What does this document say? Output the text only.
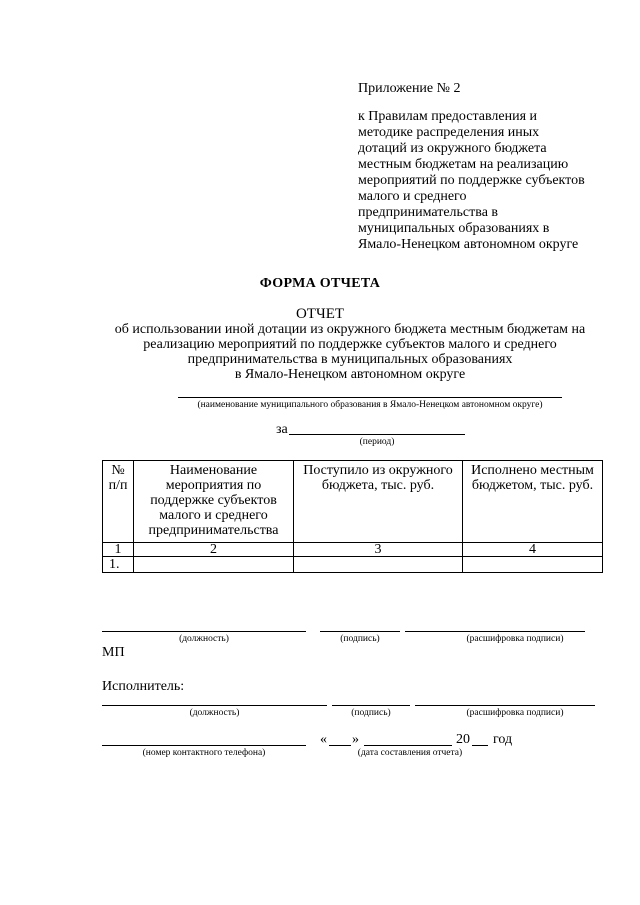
Приложение № 2
к Правилам предоставления и
методике распределения иных
дотаций из окружного бюджета
местным бюджетам на реализацию
мероприятий по поддержке субъектов
малого и среднего
предпринимательства в
муниципальных образованиях в
Ямало-Ненецком автономном округе
ФОРМА ОТЧЕТА
ОТЧЕТ
об использовании иной дотации из окружного бюджета местным бюджетам на
реализацию мероприятий по поддержке субъектов малого и среднего
предпринимательства в муниципальных образованиях
в Ямало-Ненецком автономном округе
(наименование муниципального образования в Ямало-Ненецком автономном округе)
за
(период)
№ п/п	Наименование мероприятия по поддержке субъектов малого и среднего предпринимательства	Поступило из окружного бюджета, тыс. руб.	Исполнено местным бюджетом, тыс. руб.
1	2	3	4
1.			
(должность)	(подпись)	(расшифровка подписи)
МП
Исполнитель:
(должность)	(подпись)	(расшифровка подписи)
(номер контактного телефона)
« »	20 год
(дата составления отчета)
